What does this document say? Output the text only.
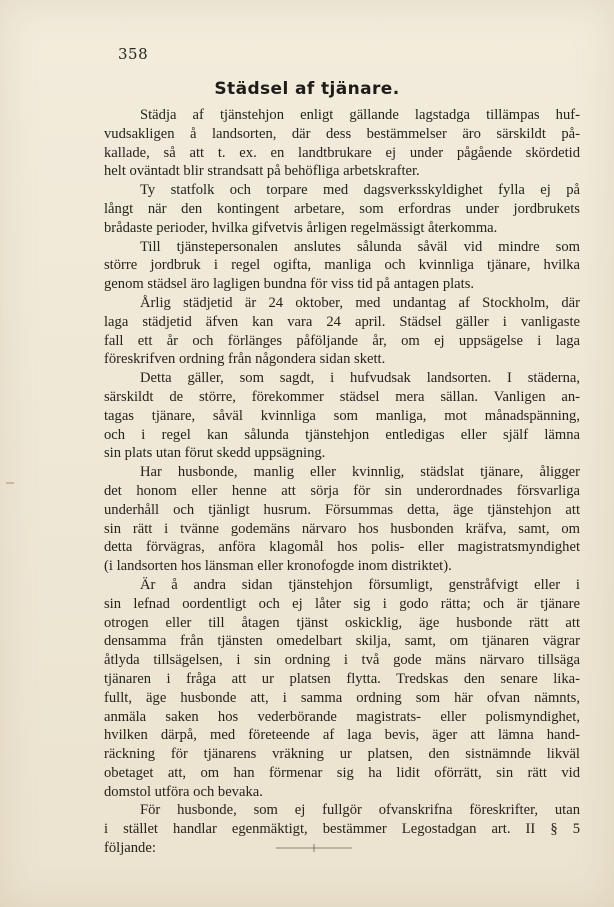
358
Städsel af tjänare.
Städja af tjänstehjon enligt gällande lagstadga tillämpas huf-
vudsakligen å landsorten, där dess bestämmelser äro särskildt på-
kallade, så att t. ex. en landtbrukare ej under pågående skördetid
helt oväntadt blir strandsatt på behöfliga arbetskrafter.
Ty statfolk och torpare med dagsverksskyldighet fylla ej på
långt när den kontingent arbetare, som erfordras under jordbrukets
brådaste perioder, hvilka gifvetvis årligen regelmässigt återkomma.
Till tjänstepersonalen anslutes sålunda såväl vid mindre som
större jordbruk i regel ogifta, manliga och kvinnliga tjänare, hvilka
genom städsel äro lagligen bundna för viss tid på antagen plats.
Årlig städjetid är 24 oktober, med undantag af Stockholm, där
laga städjetid äfven kan vara 24 april. Städsel gäller i vanligaste
fall ett år och förlänges påföljande år, om ej uppsägelse i laga
föreskrifven ordning från någondera sidan skett.
Detta gäller, som sagdt, i hufvudsak landsorten. I städerna,
särskildt de större, förekommer städsel mera sällan. Vanligen an-
tagas tjänare, såväl kvinnliga som manliga, mot månadspänning,
och i regel kan sålunda tjänstehjon entledigas eller själf lämna
sin plats utan förut skedd uppsägning.
Har husbonde, manlig eller kvinnlig, städslat tjänare, åligger
det honom eller henne att sörja för sin underordnades försvarliga
underhåll och tjänligt husrum. Försummas detta, äge tjänstehjon att
sin rätt i tvänne godemäns närvaro hos husbonden kräfva, samt, om
detta förvägras, anföra klagomål hos polis- eller magistratsmyndighet
(i landsorten hos länsman eller kronofogde inom distriktet).
Är å andra sidan tjänstehjon försumligt, genstråfvigt eller i
sin lefnad oordentligt och ej låter sig i godo rätta; och är tjänare
otrogen eller till åtagen tjänst oskicklig, äge husbonde rätt att
densamma från tjänsten omedelbart skilja, samt, om tjänaren vägrar
åtlyda tillsägelsen, i sin ordning i två gode mäns närvaro tillsäga
tjänaren i fråga att ur platsen flytta. Tredskas den senare lika-
fullt, äge husbonde att, i samma ordning som här ofvan nämnts,
anmäla saken hos vederbörande magistrats- eller polismyndighet,
hvilken därpå, med företeende af laga bevis, äger att lämna hand-
räckning för tjänarens vräkning ur platsen, den sistnämnde likväl
obetaget att, om han förmenar sig ha lidit oförrätt, sin rätt vid
domstol utföra och bevaka.
För husbonde, som ej fullgör ofvanskrifna föreskrifter, utan
i stället handlar egenmäktigt, bestämmer Legostadgan art. II § 5
följande:
